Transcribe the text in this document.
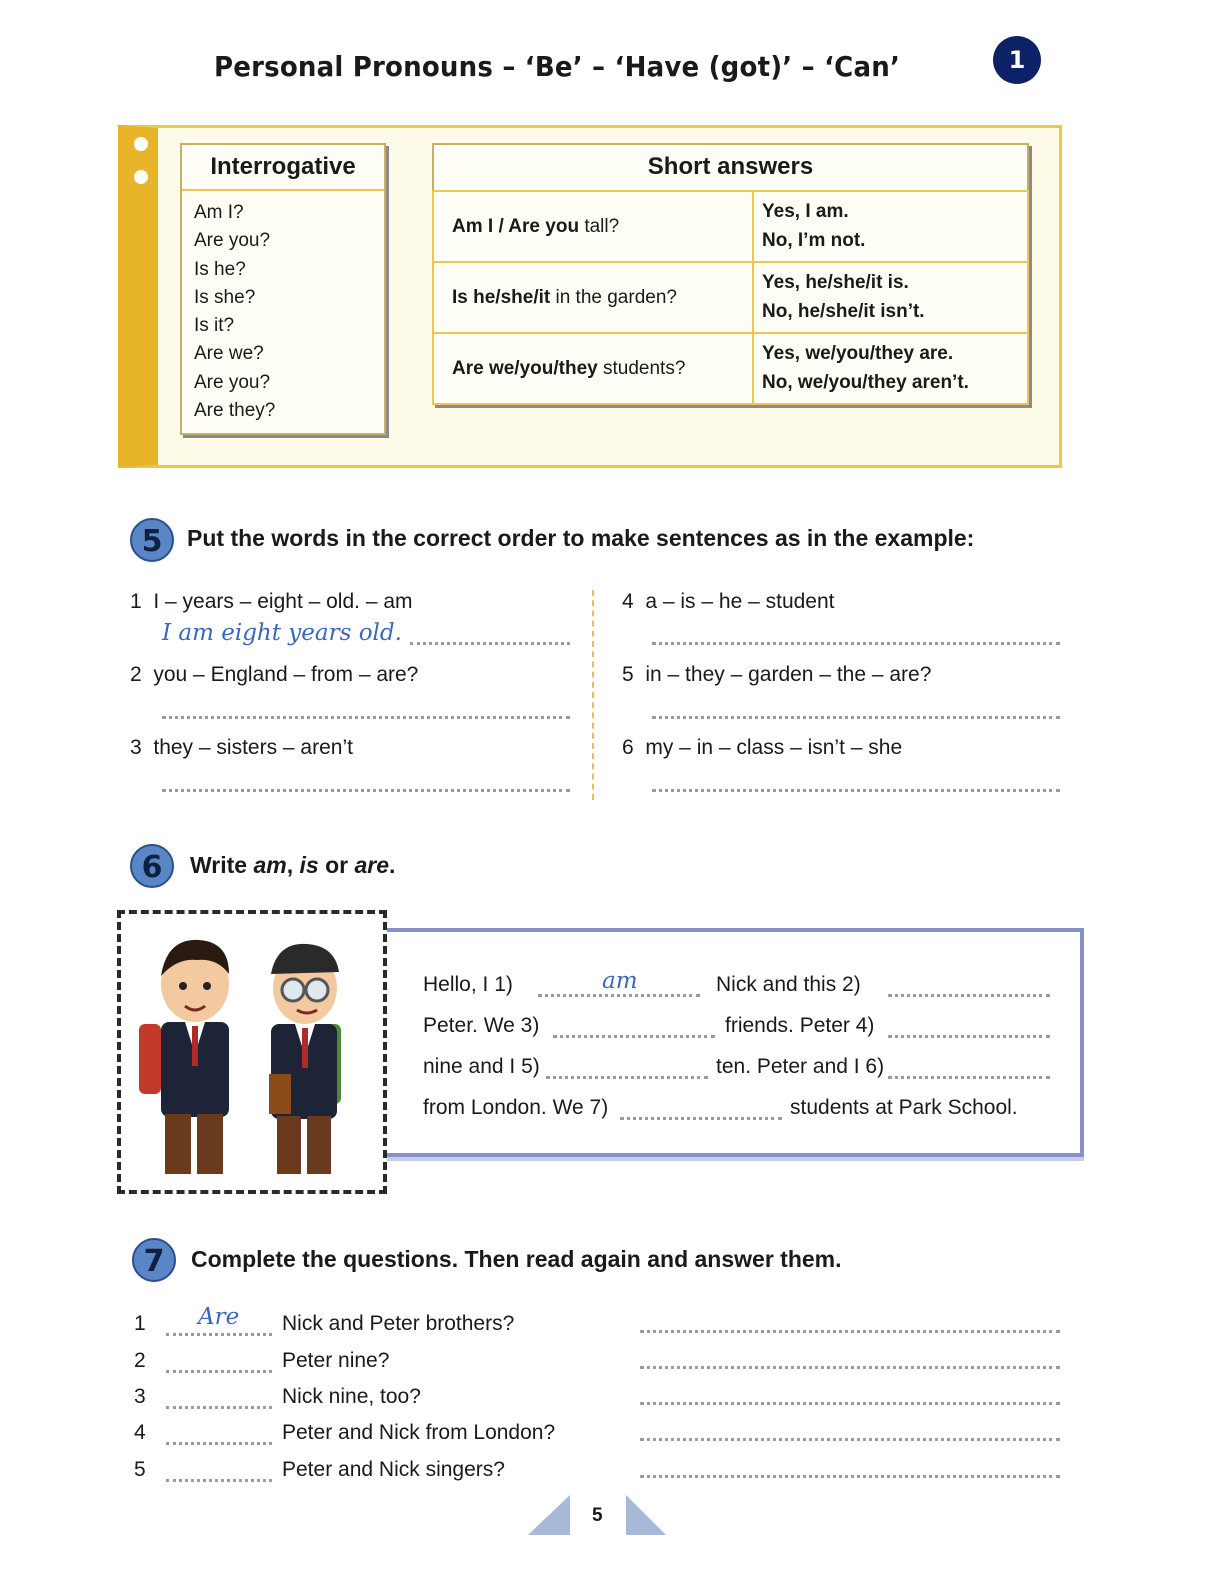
Personal Pronouns – ‘Be’ – ‘Have (got)’ – ‘Can’	1
Interrogative
Am I?
Are you?
Is he?
Is she?
Is it?
Are we?
Are you?
Are they?
Short answers	
Am I / Are you tall?	Yes, I am.
No, I’m not.

Is he/she/it in the garden?	Yes, he/she/it is.
No, he/she/it isn’t.

Are we/you/they students?	Yes, we/you/they are.
No, we/you/they aren’t.
5	Put the words in the correct order to make sentences as in the example:
1 I – years – eight – old. – am
I am eight years old.
2 you – England – from – are?
3 they – sisters – aren’t
4 a – is – he – student
5 in – they – garden – the – are?
6 my – in – class – isn’t – she
6	Write am, is or are.
Hello, I 1)	am	Nick and this 2)
Peter. We 3)	friends. Peter 4)
nine and I 5)	ten. Peter and I 6)
from London. We 7)	students at Park School.
7	Complete the questions. Then read again and answer them.
1 Are Nick and Peter brothers?
2	Peter nine?
3	Nick nine, too?
4	Peter and Nick from London?
5	Peter and Nick singers?
5
